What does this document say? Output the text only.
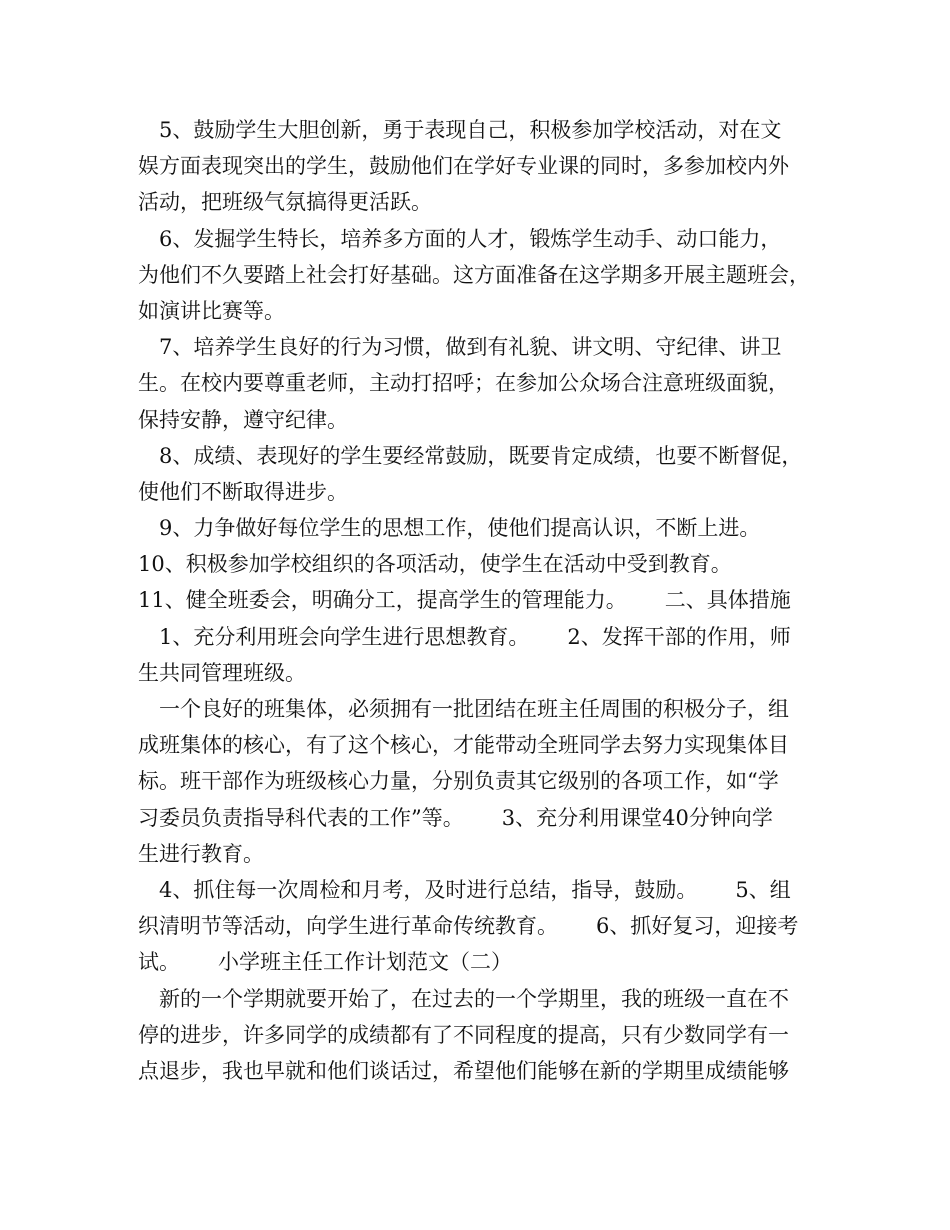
5、鼓励学生大胆创新，勇于表现自己，积极参加学校活动，对在文
娱方面表现突出的学生，鼓励他们在学好专业课的同时，多参加校内外
活动，把班级气氛搞得更活跃。
6、发掘学生特长，培养多方面的人才，锻炼学生动手、动口能力，
为他们不久要踏上社会打好基础。这方面准备在这学期多开展主题班会，
如演讲比赛等。
7、培养学生良好的行为习惯，做到有礼貌、讲文明、守纪律、讲卫
生。在校内要尊重老师，主动打招呼；在参加公众场合注意班级面貌，
保持安静，遵守纪律。
8、成绩、表现好的学生要经常鼓励，既要肯定成绩，也要不断督促，
使他们不断取得进步。
9、力争做好每位学生的思想工作，使他们提高认识，不断上进。
10、积极参加学校组织的各项活动，使学生在活动中受到教育。
11、健全班委会，明确分工，提高学生的管理能力。 二、具体措施
1、充分利用班会向学生进行思想教育。 2、发挥干部的作用，师
生共同管理班级。
一个良好的班集体，必须拥有一批团结在班主任周围的积极分子，组
成班集体的核心，有了这个核心，才能带动全班同学去努力实现集体目
标。班干部作为班级核心力量，分别负责其它级别的各项工作，如“学
习委员负责指导科代表的工作”等。 3、充分利用课堂40分钟向学
生进行教育。
4、抓住每一次周检和月考，及时进行总结，指导，鼓励。 5、组
织清明节等活动，向学生进行革命传统教育。 6、抓好复习，迎接考
试。 小学班主任工作计划范文（二）
新的一个学期就要开始了，在过去的一个学期里，我的班级一直在不
停的进步，许多同学的成绩都有了不同程度的提高，只有少数同学有一
点退步，我也早就和他们谈话过，希望他们能够在新的学期里成绩能够
